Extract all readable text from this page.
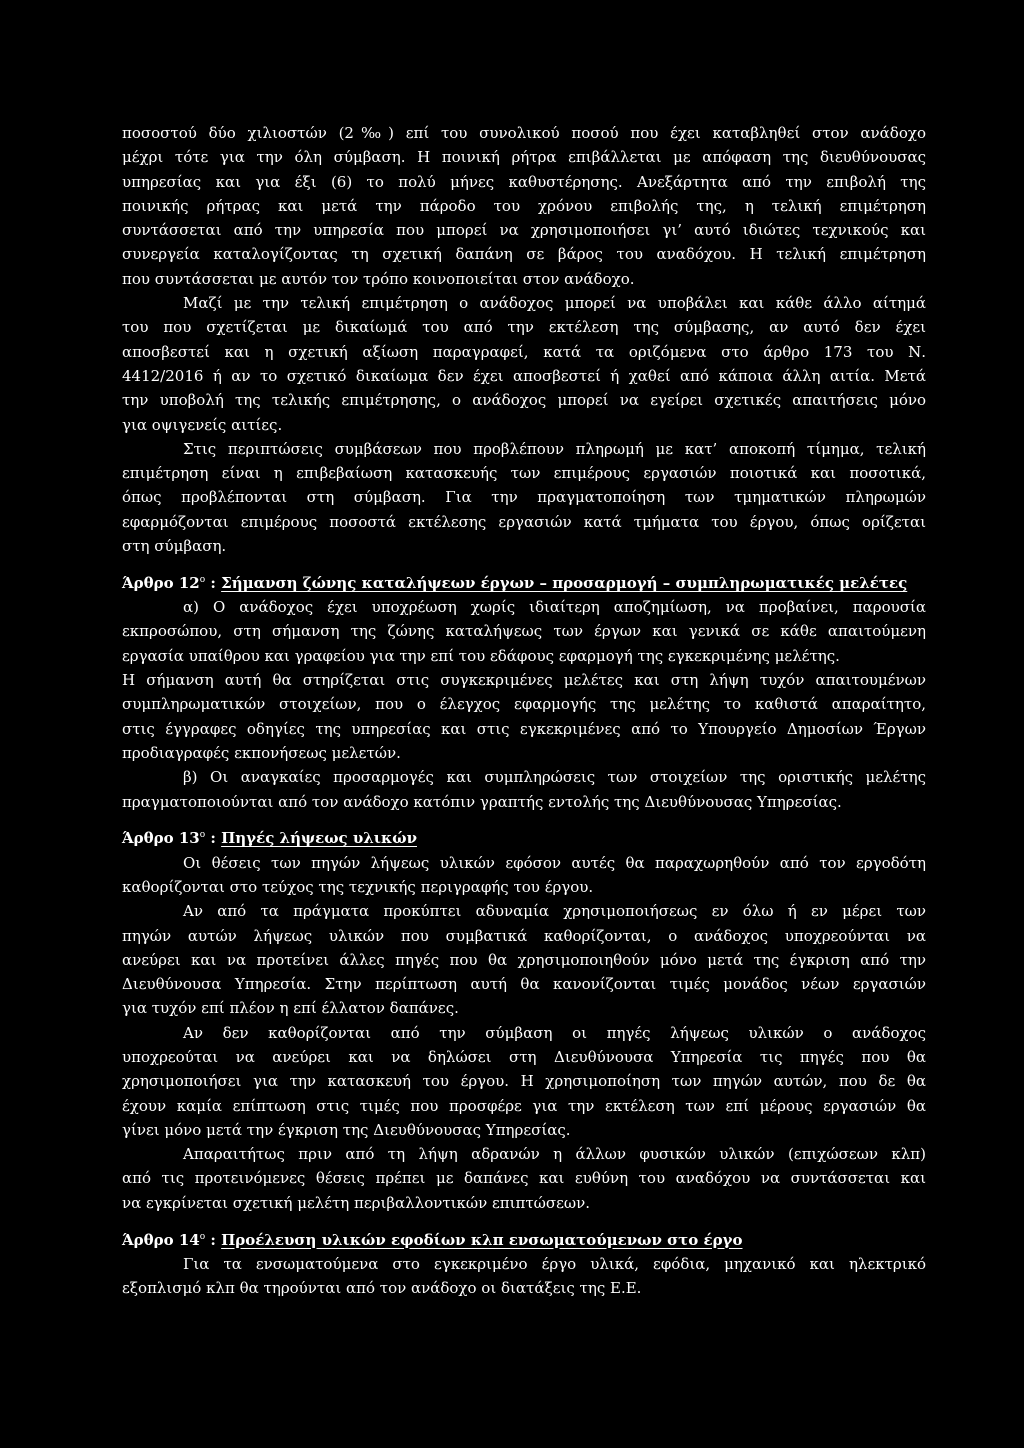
ποσοστού δύο χιλιοστών (2‰) επί του συνολικού ποσού που έχει καταβληθεί στον ανάδοχο
μέχρι τότε για την όλη σύμβαση. Η ποινική ρήτρα επιβάλλεται με απόφαση της διευθύνουσας
υπηρεσίας και για έξι (6) το πολύ μήνες καθυστέρησης. Ανεξάρτητα από την επιβολή της
ποινικής ρήτρας και μετά την πάροδο του χρόνου επιβολής της, η τελική επιμέτρηση
συντάσσεται από την υπηρεσία που μπορεί να χρησιμοποιήσει γι’ αυτό ιδιώτες τεχνικούς και
συνεργεία καταλογίζοντας τη σχετική δαπάνη σε βάρος του αναδόχου. Η τελική επιμέτρηση
που συντάσσεται με αυτόν τον τρόπο κοινοποιείται στον ανάδοχο.
Μαζί με την τελική επιμέτρηση ο ανάδοχος μπορεί να υποβάλει και κάθε άλλο αίτημά
του που σχετίζεται με δικαίωμά του από την εκτέλεση της σύμβασης, αν αυτό δεν έχει
αποσβεστεί και η σχετική αξίωση παραγραφεί, κατά τα οριζόμενα στο άρθρο 173 του Ν.
4412/2016 ή αν το σχετικό δικαίωμα δεν έχει αποσβεστεί ή χαθεί από κάποια άλλη αιτία. Μετά
την υποβολή της τελικής επιμέτρησης, ο ανάδοχος μπορεί να εγείρει σχετικές απαιτήσεις μόνο
για οψιγενείς αιτίες.
Στις περιπτώσεις συμβάσεων που προβλέπουν πληρωμή με κατ’ αποκοπή τίμημα, τελική
επιμέτρηση είναι η επιβεβαίωση κατασκευής των επιμέρους εργασιών ποιοτικά και ποσοτικά,
όπως προβλέπονται στη σύμβαση. Για την πραγματοποίηση των τμηματικών πληρωμών
εφαρμόζονται επιμέρους ποσοστά εκτέλεσης εργασιών κατά τμήματα του έργου, όπως ορίζεται
στη σύμβαση.
Άρθρο $12^o$ : Σήμανση ζώνης καταλήψεων έργων – προσαρμογή – συμπληρωματικές μελέτες
α) Ο ανάδοχος έχει υποχρέωση χωρίς ιδιαίτερη αποζημίωση, να προβαίνει, παρουσία
εκπροσώπου, στη σήμανση της ζώνης καταλήψεως των έργων και γενικά σε κάθε απαιτούμενη
εργασία υπαίθρου και γραφείου για την επί του εδάφους εφαρμογή της εγκεκριμένης μελέτης.
Η σήμανση αυτή θα στηρίζεται στις συγκεκριμένες μελέτες και στη λήψη τυχόν απαιτουμένων
συμπληρωματικών στοιχείων, που ο έλεγχος εφαρμογής της μελέτης το καθιστά απαραίτητο,
στις έγγραφες οδηγίες της υπηρεσίας και στις εγκεκριμένες από το Υπουργείο Δημοσίων Έργων
προδιαγραφές εκπονήσεως μελετών.
β) Οι αναγκαίες προσαρμογές και συμπληρώσεις των στοιχείων της οριστικής μελέτης
πραγματοποιούνται από τον ανάδοχο κατόπιν γραπτής εντολής της Διευθύνουσας Υπηρεσίας.
Άρθρο $13^o$ : Πηγές λήψεως υλικών
Οι θέσεις των πηγών λήψεως υλικών εφόσον αυτές θα παραχωρηθούν από τον εργοδότη
καθορίζονται στο τεύχος της τεχνικής περιγραφής του έργου.
Αν από τα πράγματα προκύπτει αδυναμία χρησιμοποιήσεως εν όλω ή εν μέρει των
πηγών αυτών λήψεως υλικών που συμβατικά καθορίζονται, ο ανάδοχος υποχρεούνται να
ανεύρει και να προτείνει άλλες πηγές που θα χρησιμοποιηθούν μόνο μετά της έγκριση από την
Διευθύνουσα Υπηρεσία. Στην περίπτωση αυτή θα κανονίζονται τιμές μονάδος νέων εργασιών
για τυχόν επί πλέον η επί έλλατον δαπάνες.
Αν δεν καθορίζονται από την σύμβαση οι πηγές λήψεως υλικών ο ανάδοχος
υποχρεούται να ανεύρει και να δηλώσει στη Διευθύνουσα Υπηρεσία τις πηγές που θα
χρησιμοποιήσει για την κατασκευή του έργου. Η χρησιμοποίηση των πηγών αυτών, που δε θα
έχουν καμία επίπτωση στις τιμές που προσφέρε για την εκτέλεση των επί μέρους εργασιών θα
γίνει μόνο μετά την έγκριση της Διευθύνουσας Υπηρεσίας.
Απαραιτήτως πριν από τη λήψη αδρανών η άλλων φυσικών υλικών (επιχώσεων κλπ)
από τις προτεινόμενες θέσεις πρέπει με δαπάνες και ευθύνη του αναδόχου να συντάσσεται και
να εγκρίνεται σχετική μελέτη περιβαλλοντικών επιπτώσεων.
Άρθρο $14^o$ : Προέλευση υλικών εφοδίων κλπ ενσωματούμενων στο έργο
Για τα ενσωματούμενα στο εγκεκριμένο έργο υλικά, εφόδια, μηχανικό και ηλεκτρικό
εξοπλισμό κλπ θα τηρούνται από τον ανάδοχο οι διατάξεις της Ε.Ε.
